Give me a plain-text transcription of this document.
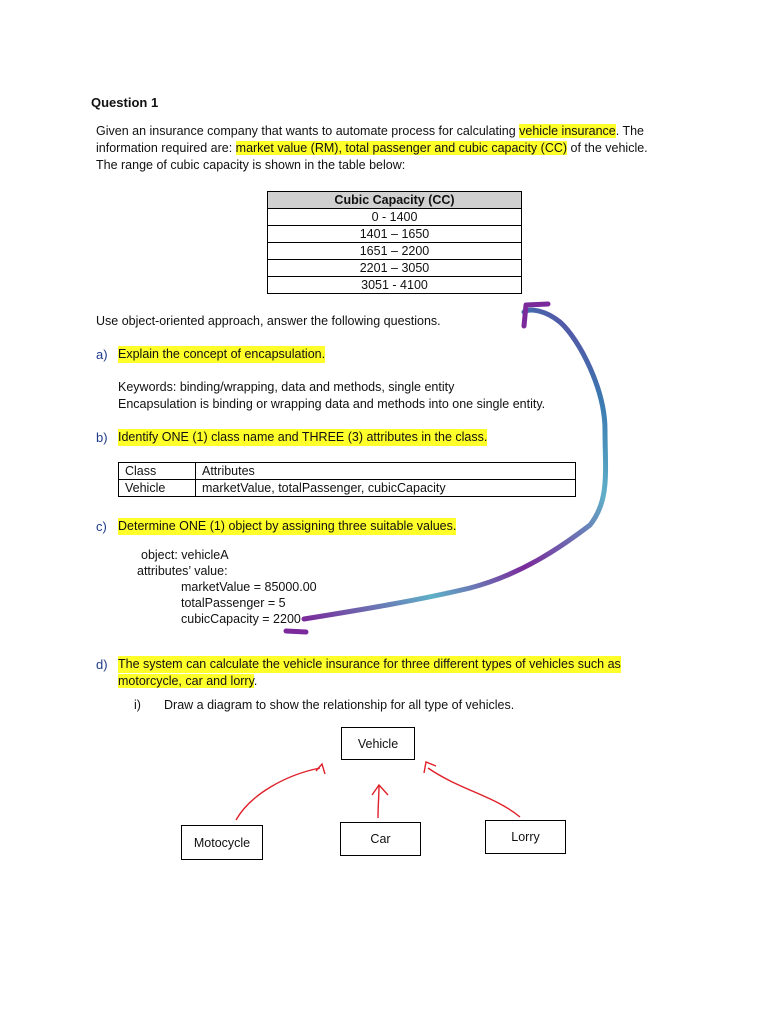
Question 1
Given an insurance company that wants to automate process for calculating vehicle insurance. The
information required are: market value (RM), total passenger and cubic capacity (CC) of the vehicle.
The range of cubic capacity is shown in the table below:
Cubic Capacity (CC)
0 - 1400
1401 – 1650
1651 – 2200
2201 – 3050
3051 - 4100
Use object-oriented approach, answer the following questions.
a) Explain the concept of encapsulation.
Keywords: binding/wrapping, data and methods, single entity
Encapsulation is binding or wrapping data and methods into one single entity.
b) Identify ONE (1) class name and THREE (3) attributes in the class.
Class	Attributes
Vehicle	marketValue, totalPassenger, cubicCapacity
c) Determine ONE (1) object by assigning three suitable values.
object: vehicleA
attributes’ value:
marketValue = 85000.00
totalPassenger = 5
cubicCapacity = 2200
d) The system can calculate the vehicle insurance for three different types of vehicles such as
motorcycle, car and lorry.
i) Draw a diagram to show the relationship for all type of vehicles.
Vehicle
Motocycle	Car	Lorry
